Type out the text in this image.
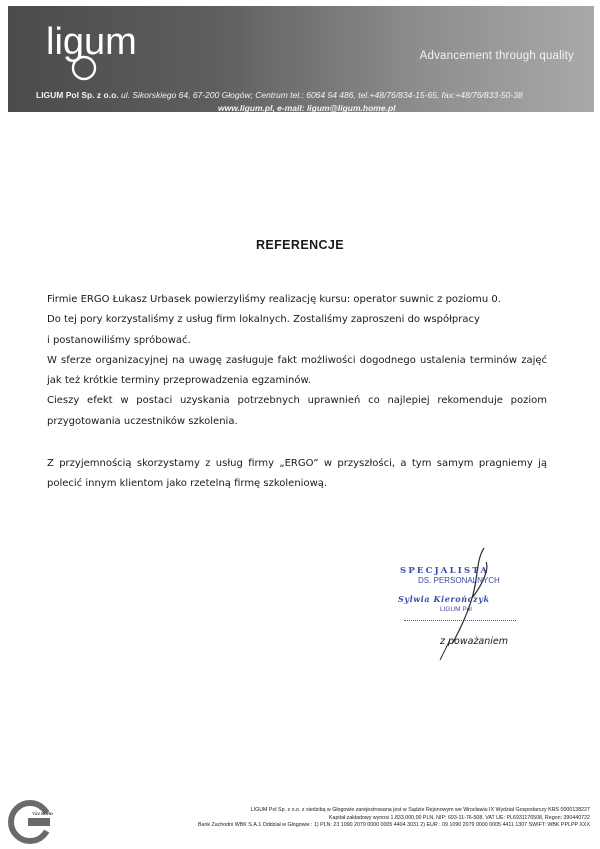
ligum	Advancement through quality
LIGUM Pol Sp. z o.o. ul. Sikorskiego 64, 67-200 Głogów; Centrum tel.: 6064 54 486, tel.+48/76/834-15-65, fax:+48/76/833-50-38
www.ligum.pl, e-mail: ligum@ligum.home.pl
REFERENCJE

Firmie ERGO Łukasz Urbasek powierzyliśmy realizację kursu: operator suwnic z poziomu 0.

Do tej pory korzystaliśmy z usług firm lokalnych. Zostaliśmy zaproszeni do współpracy

i postanowiliśmy spróbować.

W sferze organizacyjnej na uwagę zasługuje fakt możliwości dogodnego ustalenia terminów zajęć

jak też krótkie terminy przeprowadzenia egzaminów.

Cieszy efekt w postaci uzyskania potrzebnych uprawnień co najlepiej rekomenduje poziom

przygotowania uczestników szkolenia.

Z przyjemnością skorzystamy z usług firmy „ERGO” w przyszłości, a tym samym pragniemy ją

polecić innym klientom jako rzetelną firmę szkoleniową.

SPECJALISTA
DS. PERSONALNYCH
Sylwia Kierończyk
LIGUM Pol
z poważaniem
TÜV NORD
LIGUM Pol Sp. z o.o. z siedzibą w Głogowie zarejestrowana jest w Sądzie Rejonowym we Wrocławiu IX Wydział Gospodarczy KRS 0000138227
Kapitał zakładowy wynosi 1.833.000,00 PLN, NIP: 693-11-76-508, VAT UE: PL6931176508, Regon: 390440722
Bank Zachodni WBK S.A.1 Oddział w Głogowie : 1) PLN: 23 1090 2079 0000 0005 4404 3031 2) EUR : 09 1090 2079 0000 0005 4411 1307 SWIFT: WBK PPLPP XXX
